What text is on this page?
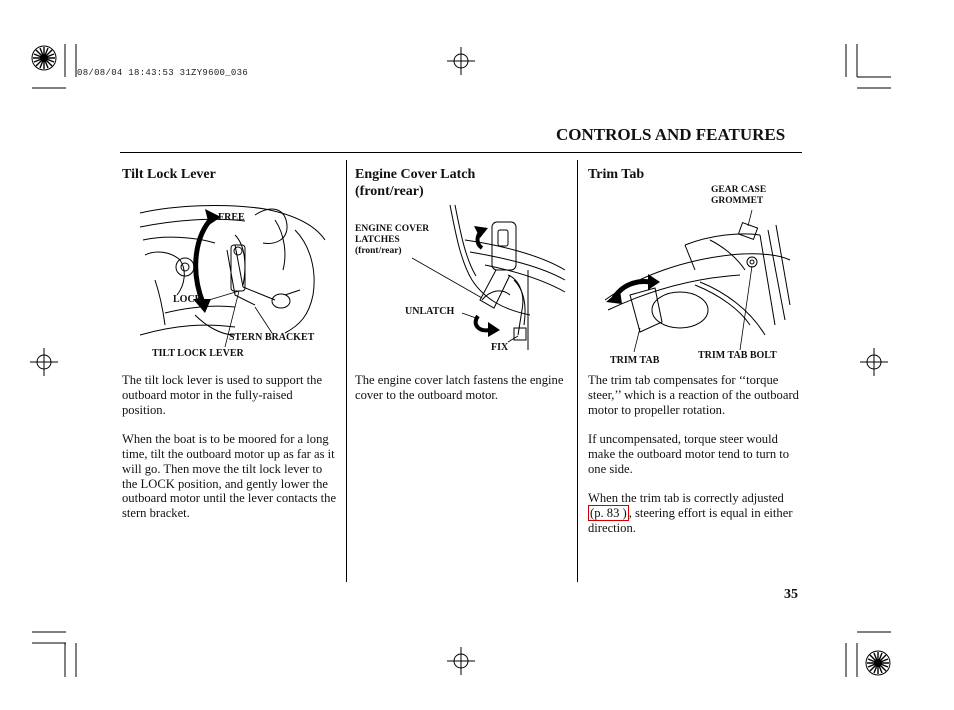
08/08/04 18:43:53 31ZY9600_036
CONTROLS AND FEATURES
Tilt Lock Lever
FREE
LOCK
STERN BRACKET
TILT LOCK LEVER

The tilt lock lever is used to support the outboard motor in the fully-raised position.

When the boat is to be moored for a long time, tilt the outboard motor up as far as it will go. Then move the tilt lock lever to the LOCK position, and gently lower the outboard motor until the lever contacts the stern bracket.

Engine Cover Latch
(front/rear)
ENGINE COVER
LATCHES
(front/rear)
UNLATCH
FIX

The engine cover latch fastens the engine cover to the outboard motor.

Trim Tab
GEAR CASE
GROMMET
TRIM TAB	TRIM TAB BOLT

The trim tab compensates for ‘‘torque steer,’’ which is a reaction of the outboard motor to propeller rotation.

If uncompensated, torque steer would make the outboard motor tend to turn to one side.

When the trim tab is correctly adjusted (p. 83 ) , steering effort is equal in either direction.

35
